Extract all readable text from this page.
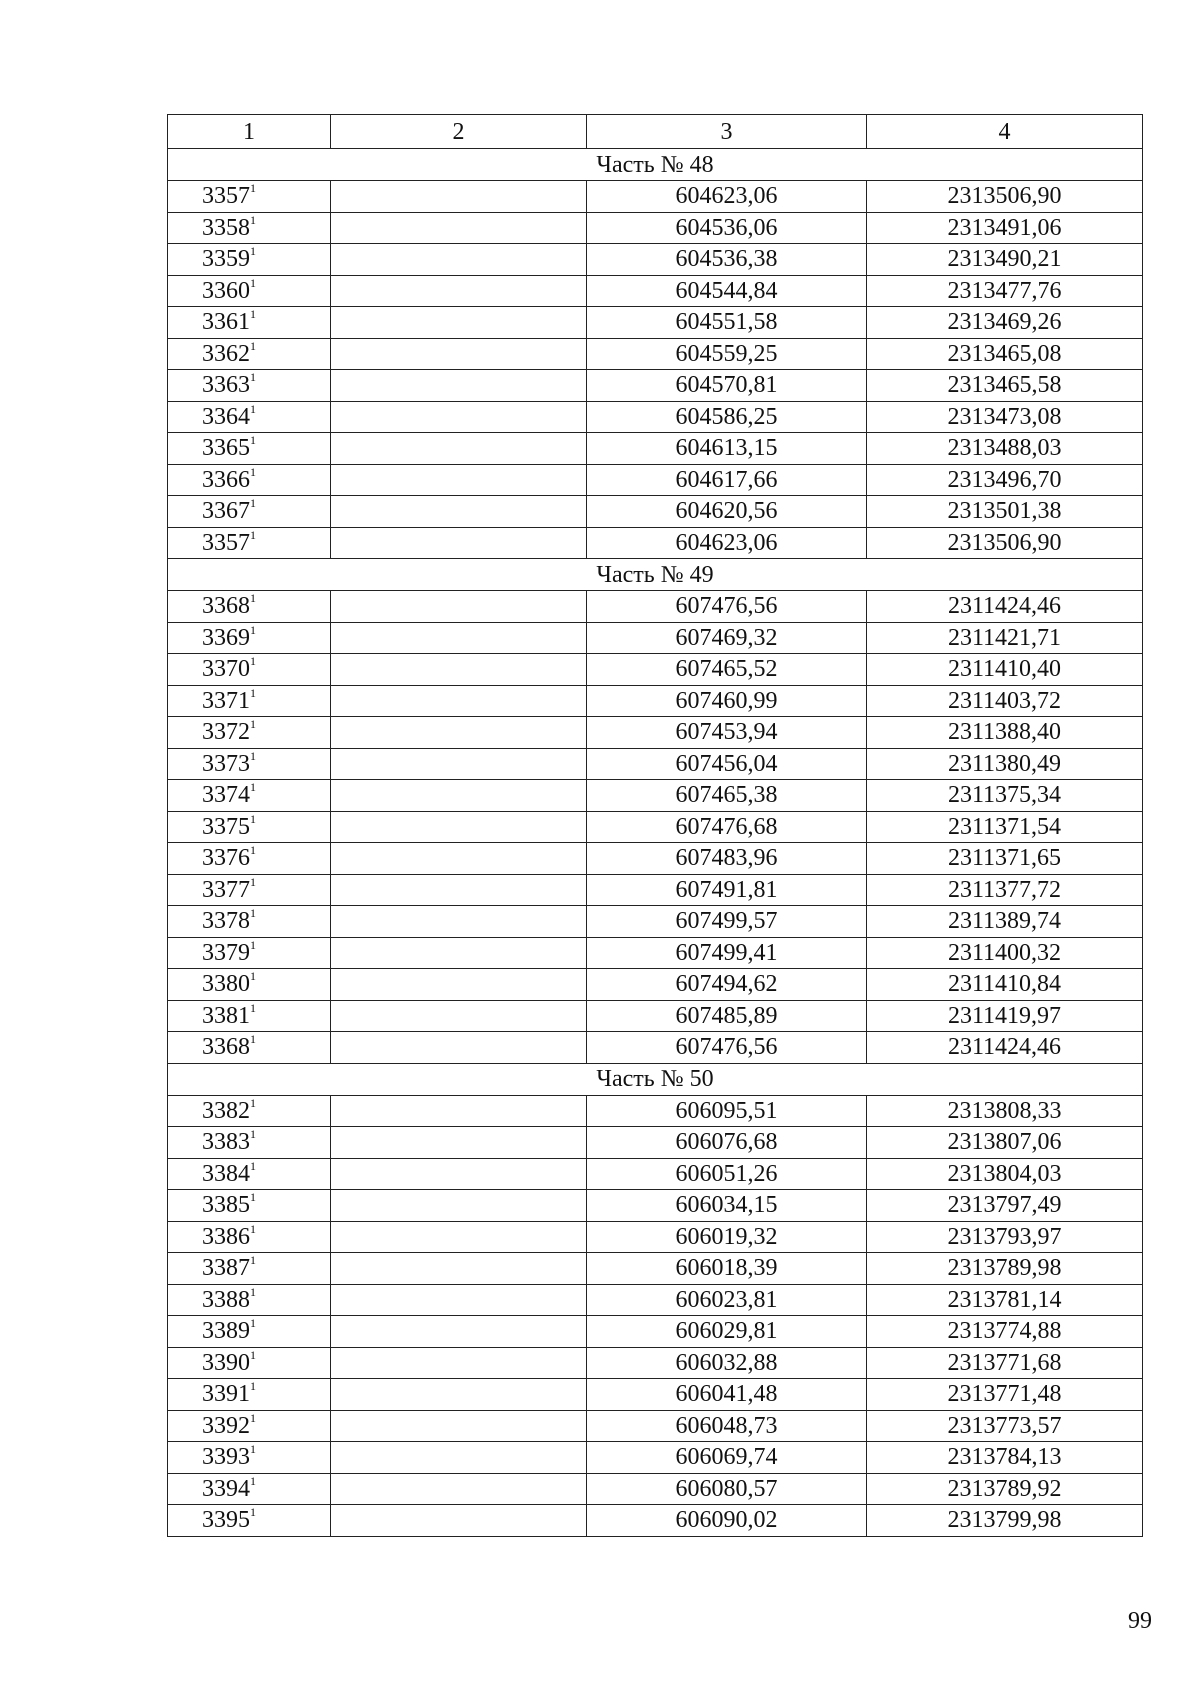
1	2	3	4
Часть № 48			
3357$^1$		604623,06	2313506,90
3358$^1$		604536,06	2313491,06
3359$^1$		604536,38	2313490,21
3360$^1$		604544,84	2313477,76
3361$^1$		604551,58	2313469,26
3362$^1$		604559,25	2313465,08
3363$^1$		604570,81	2313465,58
3364$^1$		604586,25	2313473,08
3365$^1$		604613,15	2313488,03
3366$^1$		604617,66	2313496,70
3367$^1$		604620,56	2313501,38
3357$^1$		604623,06	2313506,90
Часть № 49			
3368$^1$		607476,56	2311424,46
3369$^1$		607469,32	2311421,71
3370$^1$		607465,52	2311410,40
3371$^1$		607460,99	2311403,72
3372$^1$		607453,94	2311388,40
3373$^1$		607456,04	2311380,49
3374$^1$		607465,38	2311375,34
3375$^1$		607476,68	2311371,54
3376$^1$		607483,96	2311371,65
3377$^1$		607491,81	2311377,72
3378$^1$		607499,57	2311389,74
3379$^1$		607499,41	2311400,32
3380$^1$		607494,62	2311410,84
3381$^1$		607485,89	2311419,97
3368$^1$		607476,56	2311424,46
Часть № 50			
3382$^1$		606095,51	2313808,33
3383$^1$		606076,68	2313807,06
3384$^1$		606051,26	2313804,03
3385$^1$		606034,15	2313797,49
3386$^1$		606019,32	2313793,97
3387$^1$		606018,39	2313789,98
3388$^1$		606023,81	2313781,14
3389$^1$		606029,81	2313774,88
3390$^1$		606032,88	2313771,68
3391$^1$		606041,48	2313771,48
3392$^1$		606048,73	2313773,57
3393$^1$		606069,74	2313784,13
3394$^1$		606080,57	2313789,92
3395$^1$		606090,02	2313799,98
99
